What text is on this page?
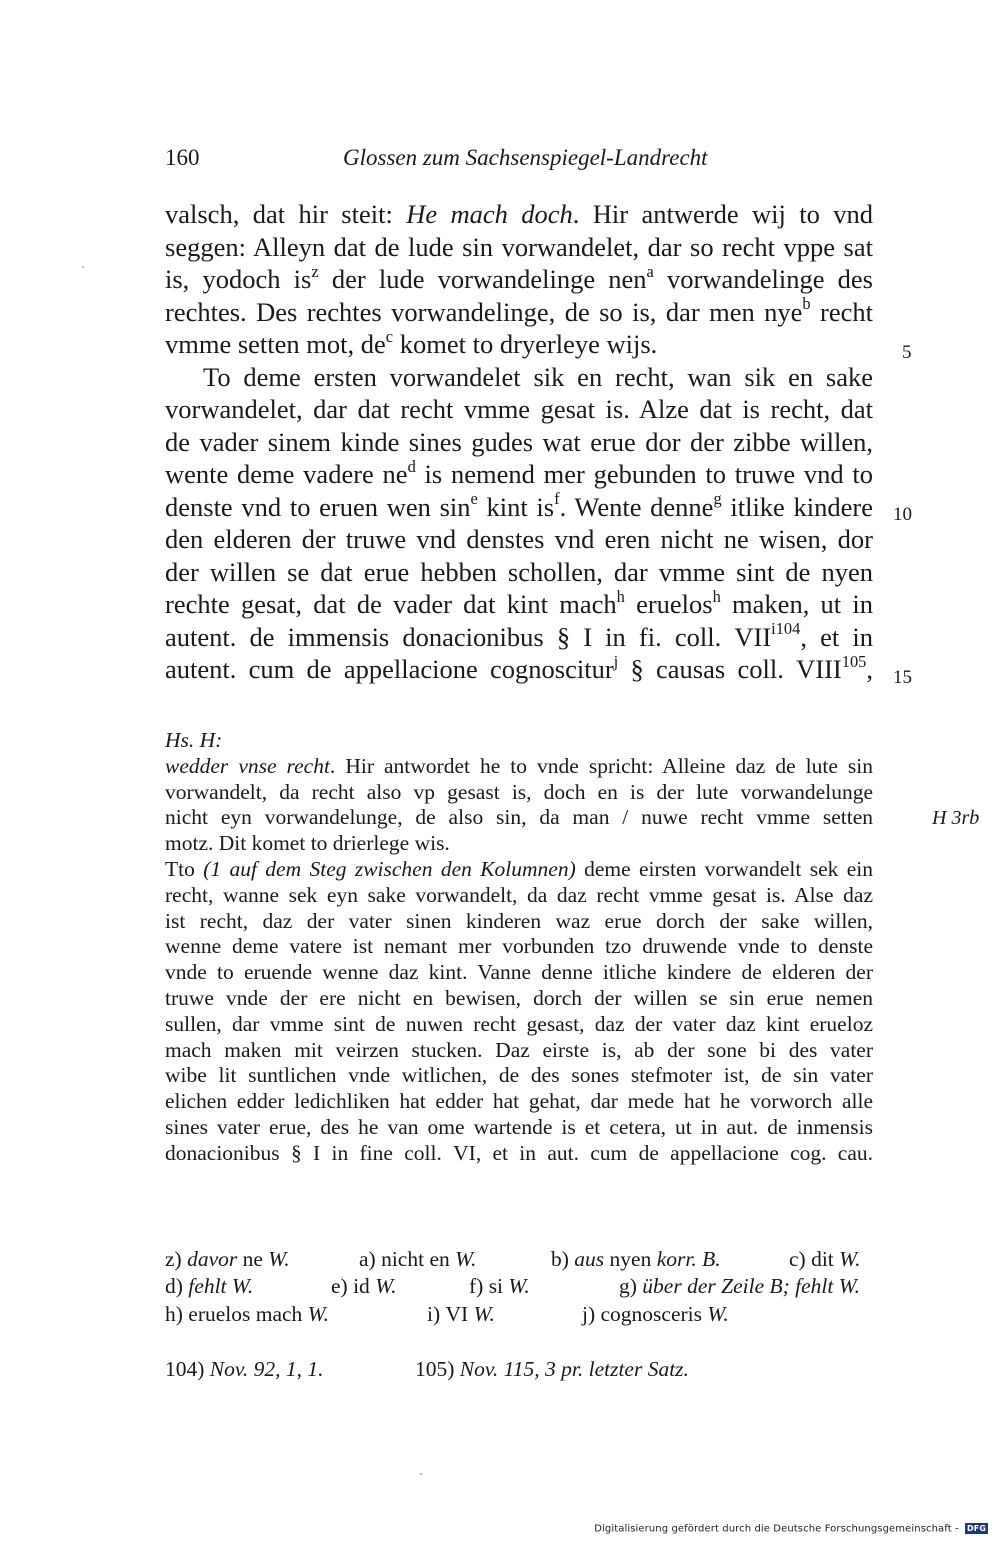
160	Glossen zum Sachsenspiegel-Landrecht
valsch, dat hir steit: He mach doch. Hir antwerde wij to vnd
seggen: Alleyn dat de lude sin vorwandelet, dar so recht vppe sat
is, yodoch $is^z$ der lude vorwandelinge nen$^a$ vorwandelinge des
rechtes. Des rechtes vorwandelinge, de so is, dar men nye$^b$ recht
vmme setten mot, $de^c$ komet to dryerleye wijs.
To deme ersten vorwandelet sik en recht, wan sik en sake
vorwandelet, dar dat recht vmme gesat is. Alze dat is recht, dat
de vader sinem kinde sines gudes wat erue dor der zibbe willen,
wente deme vadere $ne^d$ is nemend mer gebunden to truwe vnd to
denste vnd to eruen wen $\sin^e$ kint $is^f$. Wente denne$^g$ itlike kindere
den elderen der truwe vnd denstes vnd eren nicht ne wisen, dor
der willen se dat erue hebben schollen, dar vmme sint de nyen
rechte gesat, dat de vader dat kint mach$^h$ eruelos$^h$ maken, ut in
autent. de immensis donacionibus § I in fi. coll. $VII^{i104}$, et in
autent. cum de appellacione cognoscitur$^j$ § causas coll. VIII$^{105}$,
5
10
15
Hs. H:
wedder vnse recht. Hir antwordet he to vnde spricht: Alleine daz de lute sin
vorwandelt, da recht also vp gesast is, doch en is der lute vorwandelunge
nicht eyn vorwandelunge, de also sin, da man / nuwe recht vmme setten
motz. Dit komet to drierlege wis.
Tto (1 auf dem Steg zwischen den Kolumnen) deme eirsten vorwandelt sek ein
recht, wanne sek eyn sake vorwandelt, da daz recht vmme gesat is. Alse daz
ist recht, daz der vater sinen kinderen waz erue dorch der sake willen,
wenne deme vatere ist nemant mer vorbunden tzo druwende vnde to denste
vnde to eruende wenne daz kint. Vanne denne itliche kindere de elderen der
truwe vnde der ere nicht en bewisen, dorch der willen se sin erue nemen
sullen, dar vmme sint de nuwen recht gesast, daz der vater daz kint erueloz
mach maken mit veirzen stucken. Daz eirste is, ab der sone bi des vater
wibe lit suntlichen vnde witlichen, de des sones stefmoter ist, de sin vater
elichen edder ledichliken hat edder hat gehat, dar mede hat he vorworch alle
sines vater erue, des he van ome wartende is et cetera, ut in aut. de inmensis
donacionibus § I in fine coll. VI, et in aut. cum de appellacione cog. cau.
H 3rb
z) davor ne W.	a) nicht en W.	b) aus nyen korr. B.	c) dit W.
d) fehlt W.	e) id W.	f) si W.	g) über der Zeile B; fehlt W.
h) eruelos mach W.	i) VI W.	j) cognosceris W.
104) Nov. 92, 1, 1.	105) Nov. 115, 3 pr. letzter Satz.
Digitalisierung gefördert durch die Deutsche Forschungsgemeinschaft - DFG
